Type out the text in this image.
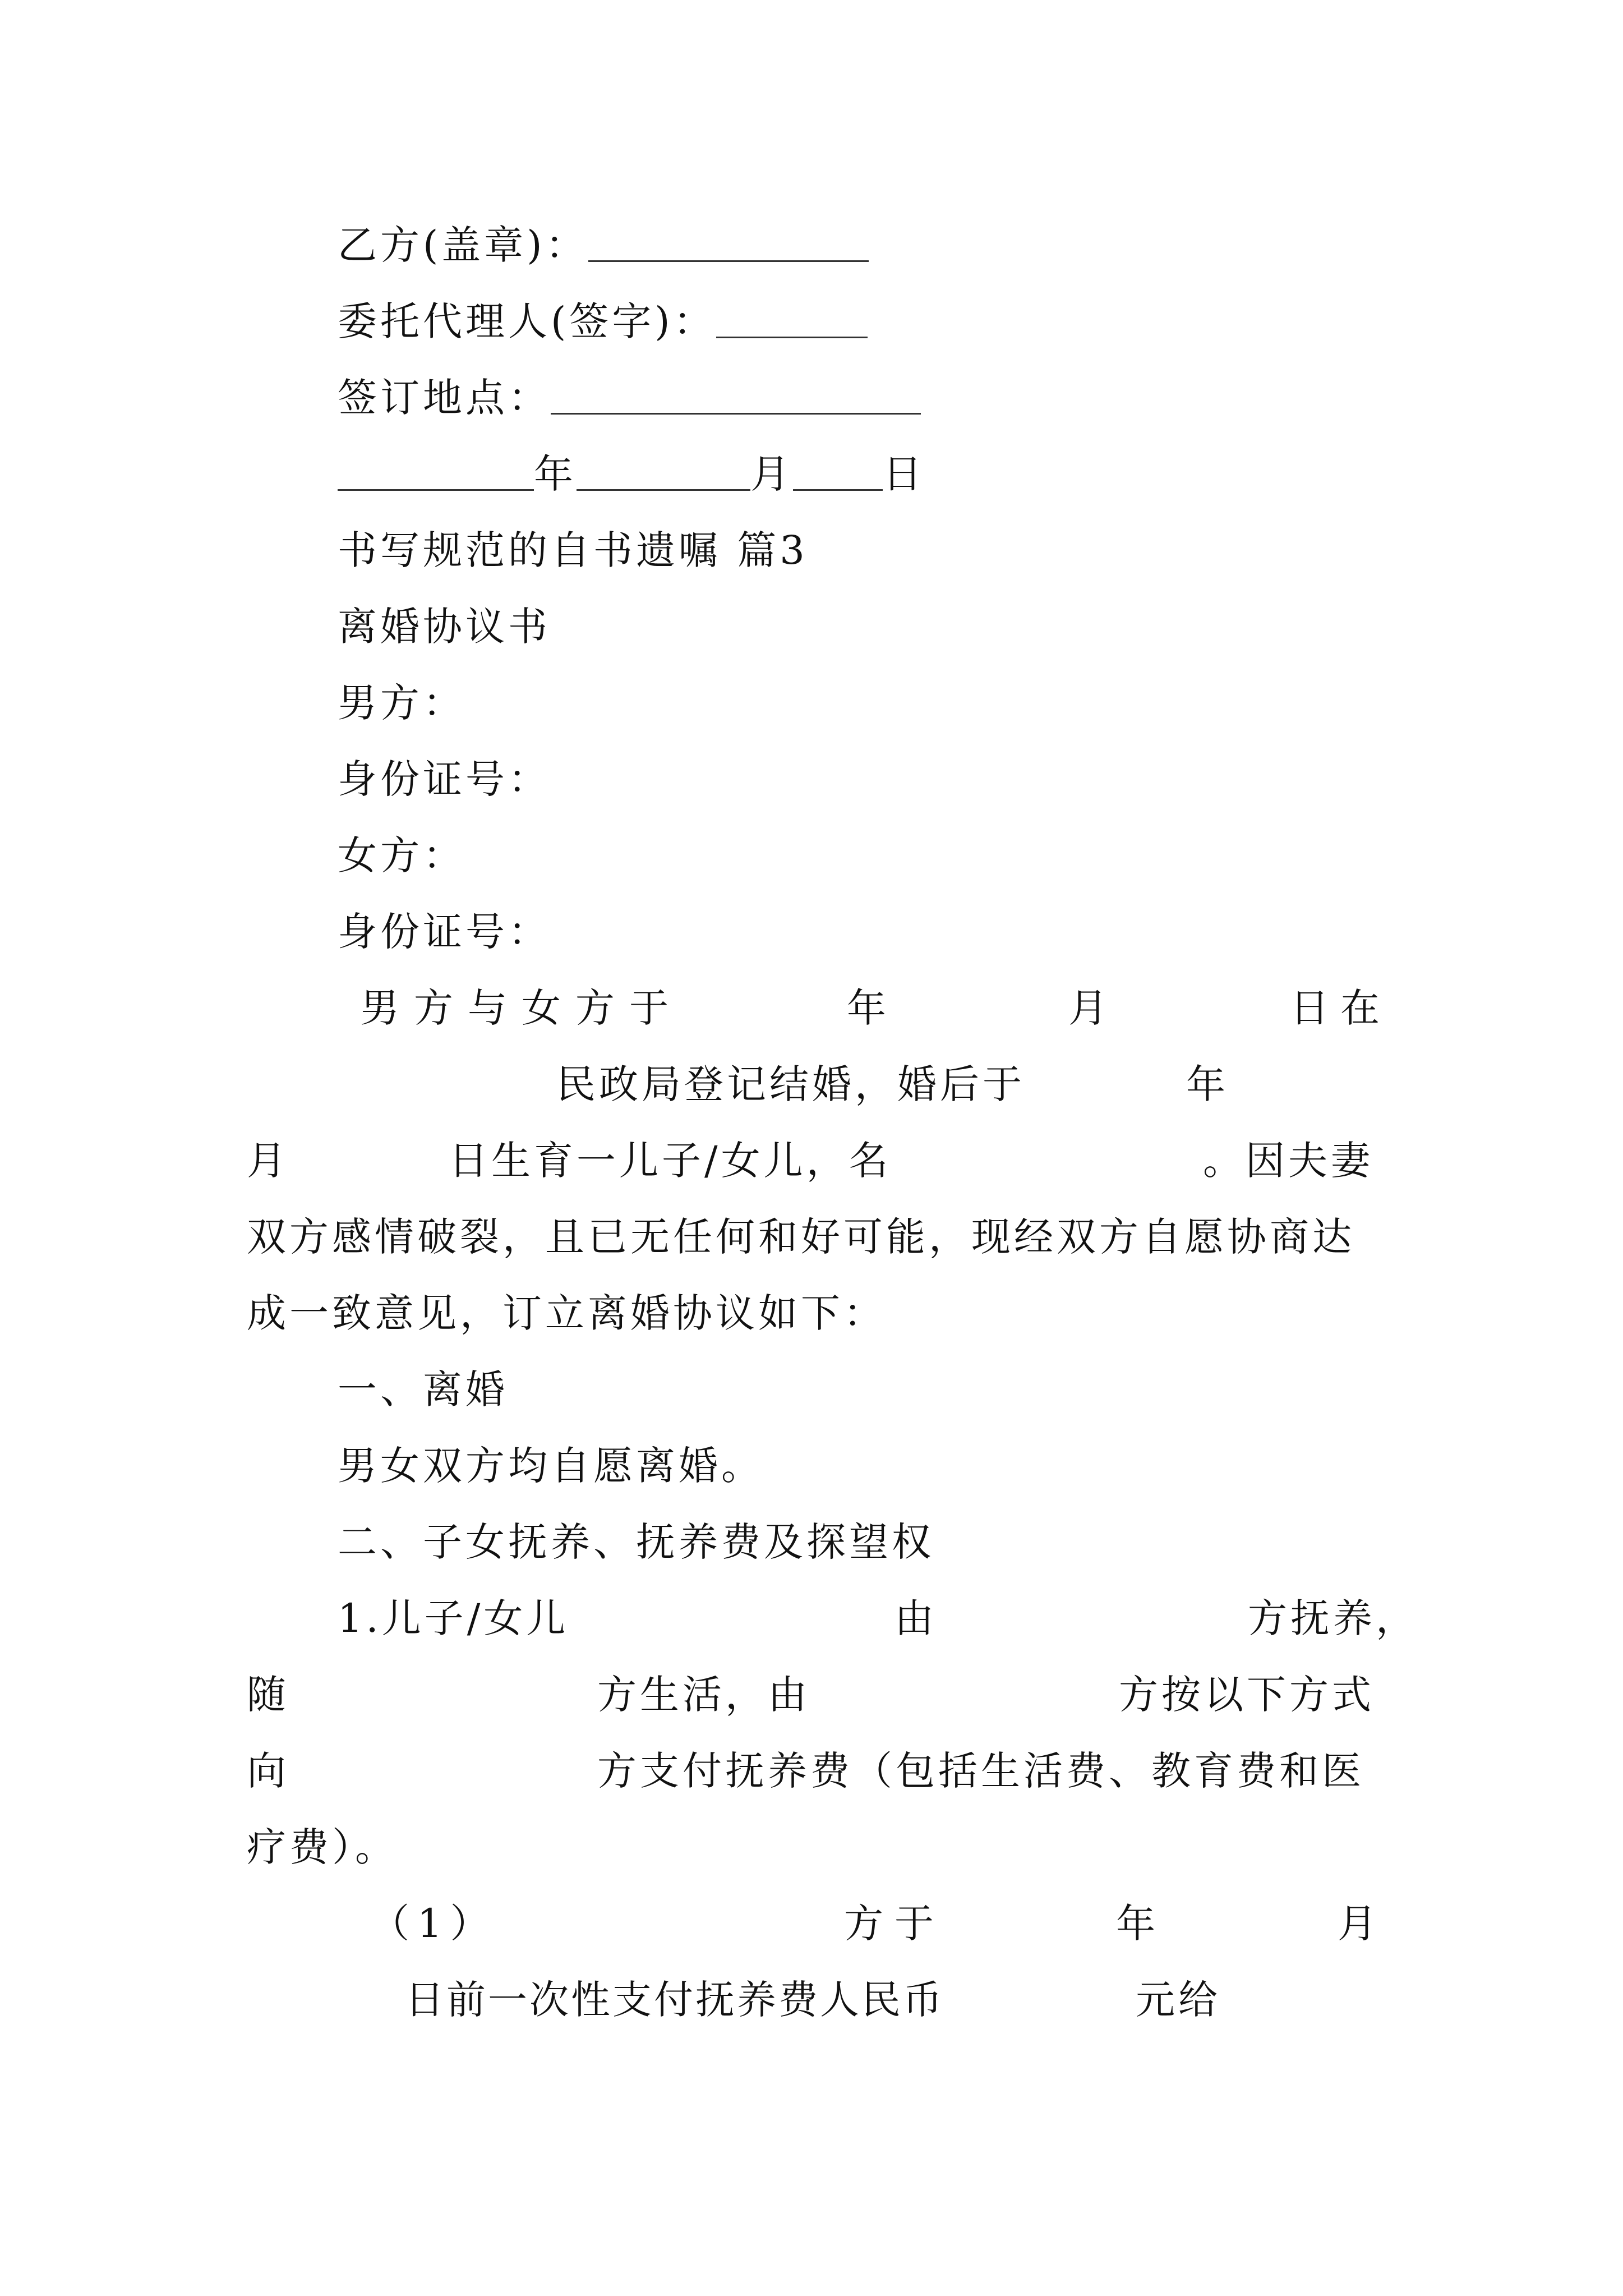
乙方(盖章)：
委托代理人(签字)：
签订地点：
年	月 日
书写规范的自书遗嘱 篇3
离婚协议书
男方：
身份证号：
女方：
身份证号：
男方与女方于	年	月	日在
民政局登记结婚，婚后于	年
月	日生育一儿子/女儿，名	。因夫妻
双方感情破裂，且已无任何和好可能，现经双方自愿协商达
成一致意见，订立离婚协议如下：
一、离婚
男女双方均自愿离婚。
二、子女抚养、抚养费及探望权
1.儿子/女儿	由	方抚养，
随	方生活，由	方按以下方式
向	方支付抚养费（包括生活费、教育费和医
疗费）。
（1）	方于	年	月
日前一次性支付抚养费人民币	元给
